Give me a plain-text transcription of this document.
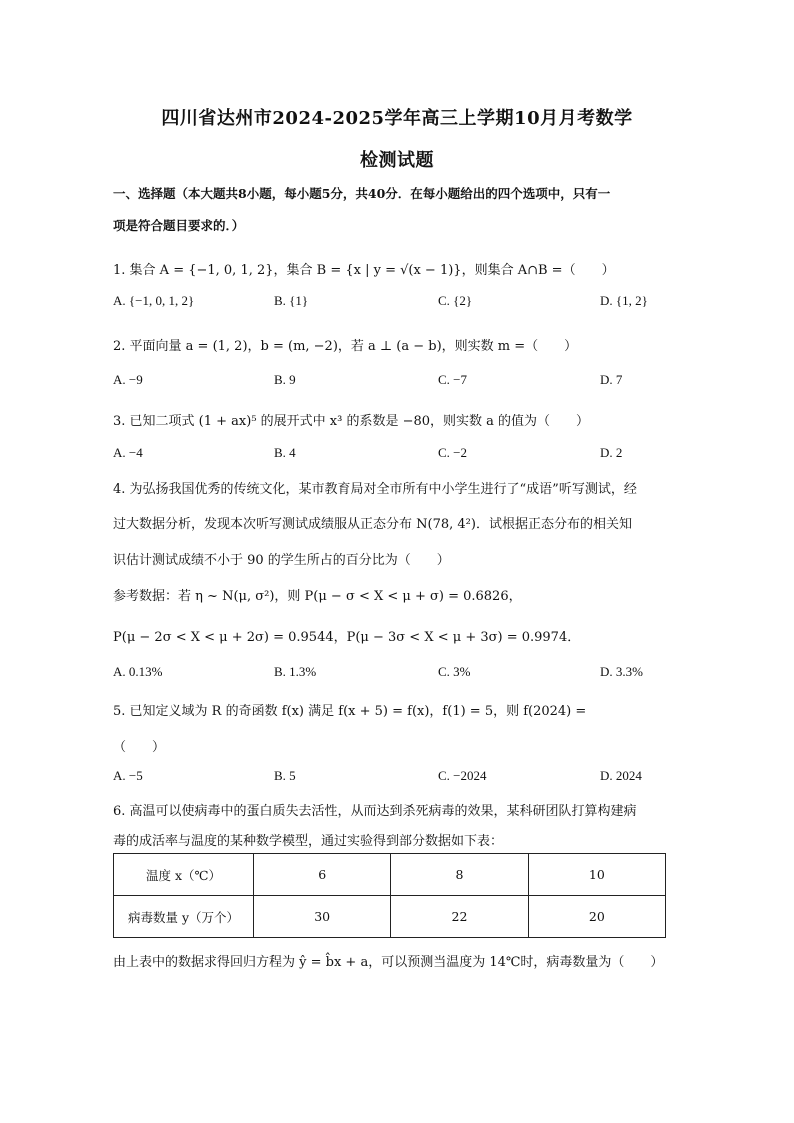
四川省达州市2024-2025学年高三上学期10月月考数学
检测试题
一、选择题（本大题共8小题，每小题5分，共40分．在每小题给出的四个选项中，只有一
项是符合题目要求的．）
1. 集合 A = {−1, 0, 1, 2}，集合 B = {x | y = √(x − 1)}，则集合 A∩B =（　　）
A. {−1, 0, 1, 2}	B. {1}	C. {2}	D. {1, 2}
2. 平面向量 a = (1, 2)，b = (m, −2)，若 a ⊥ (a − b)，则实数 m =（　　）
A. −9	B. 9	C. −7	D. 7
3. 已知二项式 (1 + ax)⁵ 的展开式中 x³ 的系数是 −80，则实数 a 的值为（　　）
A. −4	B. 4	C. −2	D. 2
4. 为弘扬我国优秀的传统文化，某市教育局对全市所有中小学生进行了“成语”听写测试，经
过大数据分析，发现本次听写测试成绩服从正态分布 N(78, 4²)．试根据正态分布的相关知
识估计测试成绩不小于 90 的学生所占的百分比为（　　）
参考数据：若 η ~ N(μ, σ²)，则 P(μ − σ < X < μ + σ) = 0.6826，
P(μ − 2σ < X < μ + 2σ) = 0.9544，P(μ − 3σ < X < μ + 3σ) = 0.9974．
A. 0.13%	B. 1.3%	C. 3%	D. 3.3%
5. 已知定义域为 R 的奇函数 f(x) 满足 f(x + 5) = f(x)，f(1) = 5，则 f(2024) =
（　　）
A. −5	B. 5	C. −2024	D. 2024
6. 高温可以使病毒中的蛋白质失去活性，从而达到杀死病毒的效果，某科研团队打算构建病
毒的成活率与温度的某种数学模型，通过实验得到部分数据如下表：
温度 x（℃）	6	8	10
病毒数量 y（万个）	30	22	20
由上表中的数据求得回归方程为 ŷ = b̂x + a，可以预测当温度为 14℃时，病毒数量为（　　）
